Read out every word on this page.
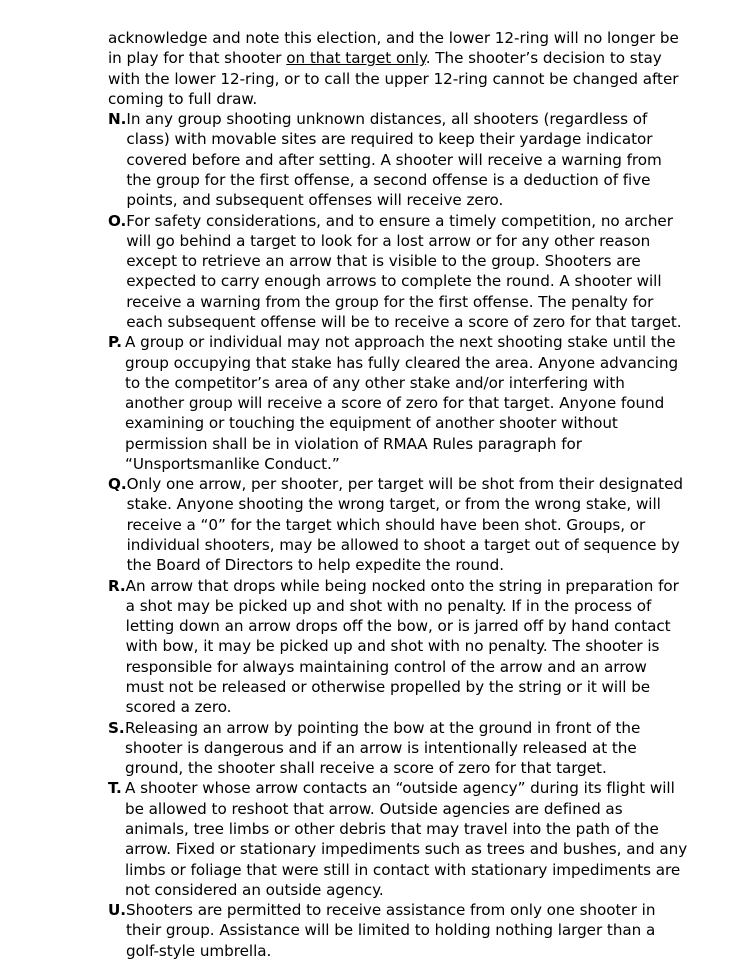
acknowledge and note this election, and the lower 12-ring will no longer be in play for that shooter on that target only. The shooter’s decision to stay with the lower 12-ring, or to call the upper 12-ring cannot be changed after coming to full draw.

N. In any group shooting unknown distances, all shooters (regardless of class) with movable sites are required to keep their yardage indicator covered before and after setting. A shooter will receive a warning from the group for the first offense, a second offense is a deduction of five points, and subsequent offenses will receive zero.

O. For safety considerations, and to ensure a timely competition, no archer will go behind a target to look for a lost arrow or for any other reason except to retrieve an arrow that is visible to the group. Shooters are expected to carry enough arrows to complete the round. A shooter will receive a warning from the group for the first offense. The penalty for each subsequent offense will be to receive a score of zero for that target.

P. A group or individual may not approach the next shooting stake until the group occupying that stake has fully cleared the area. Anyone advancing to the competitor’s area of any other stake and/or interfering with another group will receive a score of zero for that target. Anyone found examining or touching the equipment of another shooter without permission shall be in violation of RMAA Rules paragraph for “Unsportsmanlike Conduct.”

Q. Only one arrow, per shooter, per target will be shot from their designated stake. Anyone shooting the wrong target, or from the wrong stake, will receive a “0” for the target which should have been shot. Groups, or individual shooters, may be allowed to shoot a target out of sequence by the Board of Directors to help expedite the round.

R. An arrow that drops while being nocked onto the string in preparation for a shot may be picked up and shot with no penalty. If in the process of letting down an arrow drops off the bow, or is jarred off by hand contact with bow, it may be picked up and shot with no penalty. The shooter is responsible for always maintaining control of the arrow and an arrow must not be released or otherwise propelled by the string or it will be scored a zero.

S. Releasing an arrow by pointing the bow at the ground in front of the shooter is dangerous and if an arrow is intentionally released at the ground, the shooter shall receive a score of zero for that target.

T. A shooter whose arrow contacts an “outside agency” during its flight will be allowed to reshoot that arrow. Outside agencies are defined as animals, tree limbs or other debris that may travel into the path of the arrow. Fixed or stationary impediments such as trees and bushes, and any limbs or foliage that were still in contact with stationary impediments are not considered an outside agency.

U. Shooters are permitted to receive assistance from only one shooter in their group. Assistance will be limited to holding nothing larger than a golf-style umbrella.
